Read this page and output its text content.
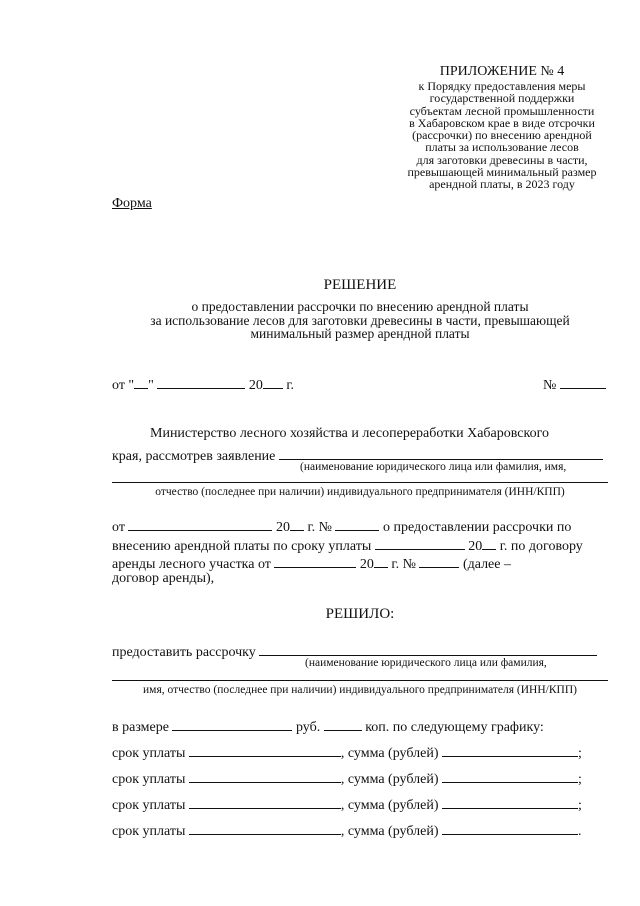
ПРИЛОЖЕНИЕ № 4
к Порядку предоставления меры
государственной поддержки
субъектам лесной промышленности
в Хабаровском крае в виде отсрочки
(рассрочки) по внесению арендной
платы за использование лесов
для заготовки древесины в части,
превышающей минимальный размер
арендной платы, в 2023 году
Форма
РЕШЕНИЕ
о предоставлении рассрочки по внесению арендной платы
за использование лесов для заготовки древесины в части, превышающей
минимальный размер арендной платы
от " "	20 г.	№
Министерство лесного хозяйства и лесопереработки Хабаровского
края, рассмотрев заявление
(наименование юридического лица или фамилия, имя,
отчество (последнее при наличии) индивидуального предпринимателя (ИНН/КПП)
от	20 г. №	о предоставлении рассрочки по
внесению арендной платы по сроку уплаты	20 г. по договору
аренды лесного участка от	20 г. №	(далее –
договор аренды),
РЕШИЛО:
предоставить рассрочку
(наименование юридического лица или фамилия,
имя, отчество (последнее при наличии) индивидуального предпринимателя (ИНН/КПП)
в размере	руб.	коп. по следующему графику:
срок уплаты	, сумма (рублей)	;
срок уплаты	, сумма (рублей)	;
срок уплаты	, сумма (рублей)	;
срок уплаты	, сумма (рублей)	.
